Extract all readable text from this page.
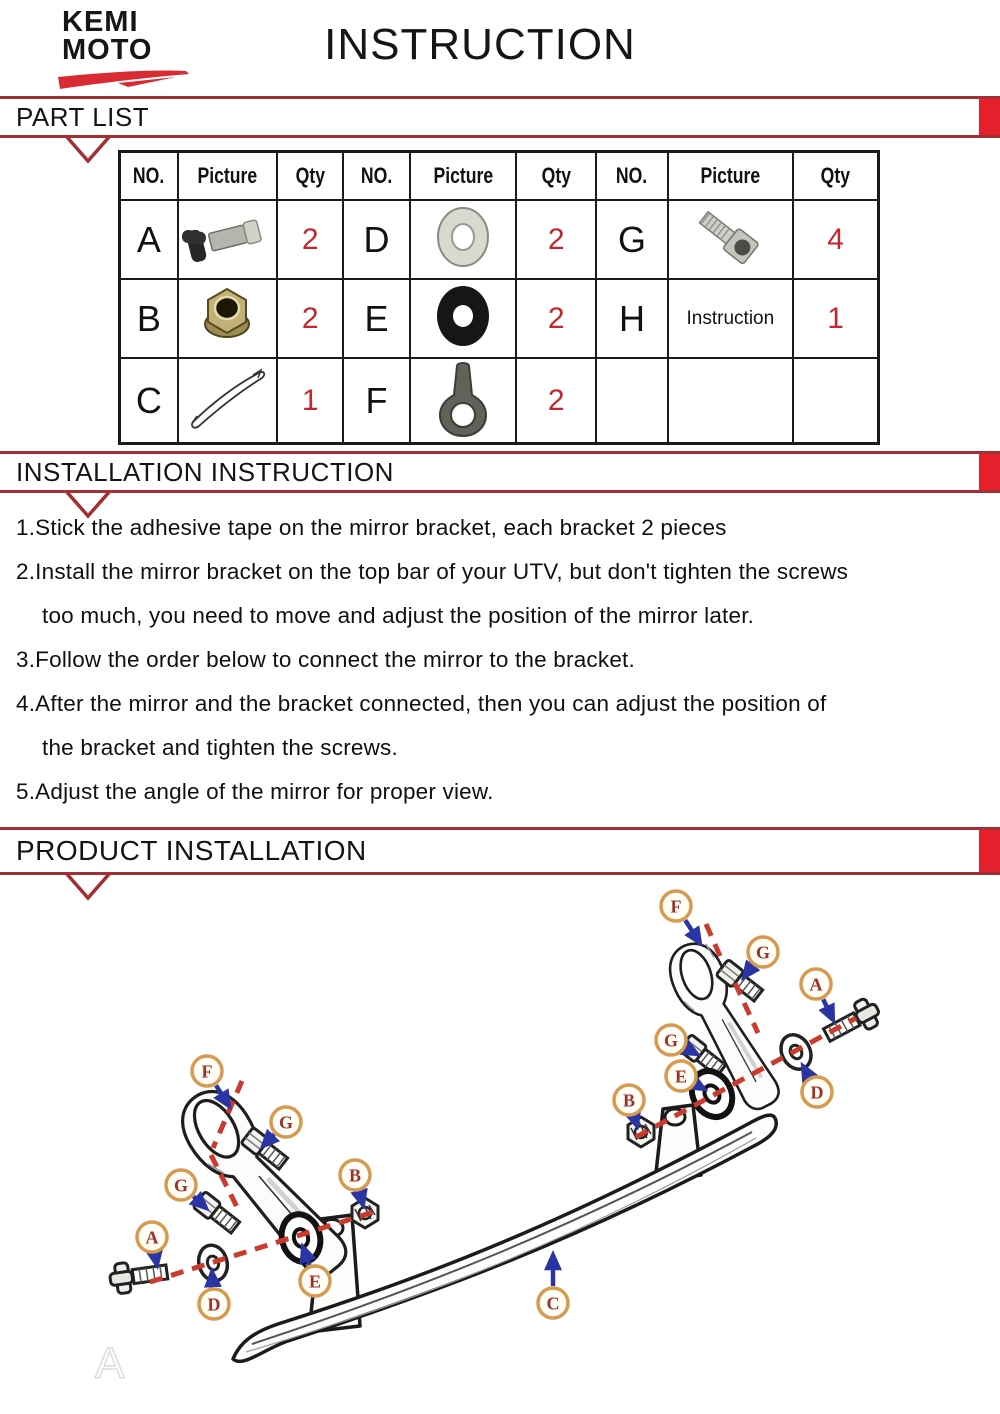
KEMI
MOTO	INSTRUCTION
PART LIST
NO.	Picture	Qty	NO.	Picture	Qty	NO.	Picture	Qty
A		2	D		2	G		4
B		2	E		2	H	Instruction	1
C		1	F		2			
INSTALLATION INSTRUCTION
1.Stick the adhesive tape on the mirror bracket, each bracket 2 pieces
2.Install the mirror bracket on the top bar of your UTV, but don't tighten the screws
too much, you need to move and adjust the position of the mirror later.
3.Follow the order below to connect the mirror to the bracket.
4.After the mirror and the bracket connected, then you can adjust the position of
the bracket and tighten the screws.
5.Adjust the angle of the mirror for proper view.
PRODUCT INSTALLATION
A
F
G
A
G
E
B	D
F
G
B
G
A
D
E
C
